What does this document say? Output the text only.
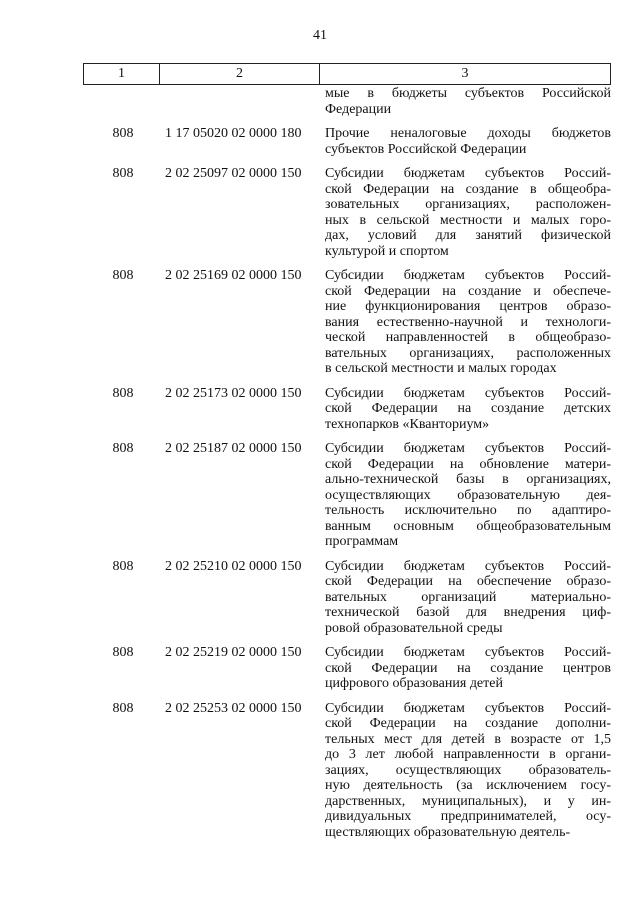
41
1	2	3
мые в бюджеты субъектов Российской
Федерации
808	1 17 05020 02 0000 180	Прочие неналоговые доходы бюджетов
субъектов Российской Федерации
808	2 02 25097 02 0000 150	Субсидии бюджетам субъектов Россий-
ской Федерации на создание в общеобра-
зовательных организациях, расположен-
ных в сельской местности и малых горо-
дах, условий для занятий физической
культурой и спортом
808	2 02 25169 02 0000 150	Субсидии бюджетам субъектов Россий-
ской Федерации на создание и обеспече-
ние функционирования центров образо-
вания естественно-научной и технологи-
ческой направленностей в общеобразо-
вательных организациях, расположенных
в сельской местности и малых городах
808	2 02 25173 02 0000 150	Субсидии бюджетам субъектов Россий-
ской Федерации на создание детских
технопарков «Кванториум»
808	2 02 25187 02 0000 150	Субсидии бюджетам субъектов Россий-
ской Федерации на обновление матери-
ально-технической базы в организациях,
осуществляющих образовательную дея-
тельность исключительно по адаптиро-
ванным основным общеобразовательным
программам
808	2 02 25210 02 0000 150	Субсидии бюджетам субъектов Россий-
ской Федерации на обеспечение образо-
вательных организаций материально-
технической базой для внедрения циф-
ровой образовательной среды
808	2 02 25219 02 0000 150	Субсидии бюджетам субъектов Россий-
ской Федерации на создание центров
цифрового образования детей
808	2 02 25253 02 0000 150	Субсидии бюджетам субъектов Россий-
ской Федерации на создание дополни-
тельных мест для детей в возрасте от 1,5
до 3 лет любой направленности в органи-
зациях, осуществляющих образователь-
ную деятельность (за исключением госу-
дарственных, муниципальных), и у ин-
дивидуальных предпринимателей, осу-
ществляющих образовательную деятель-
